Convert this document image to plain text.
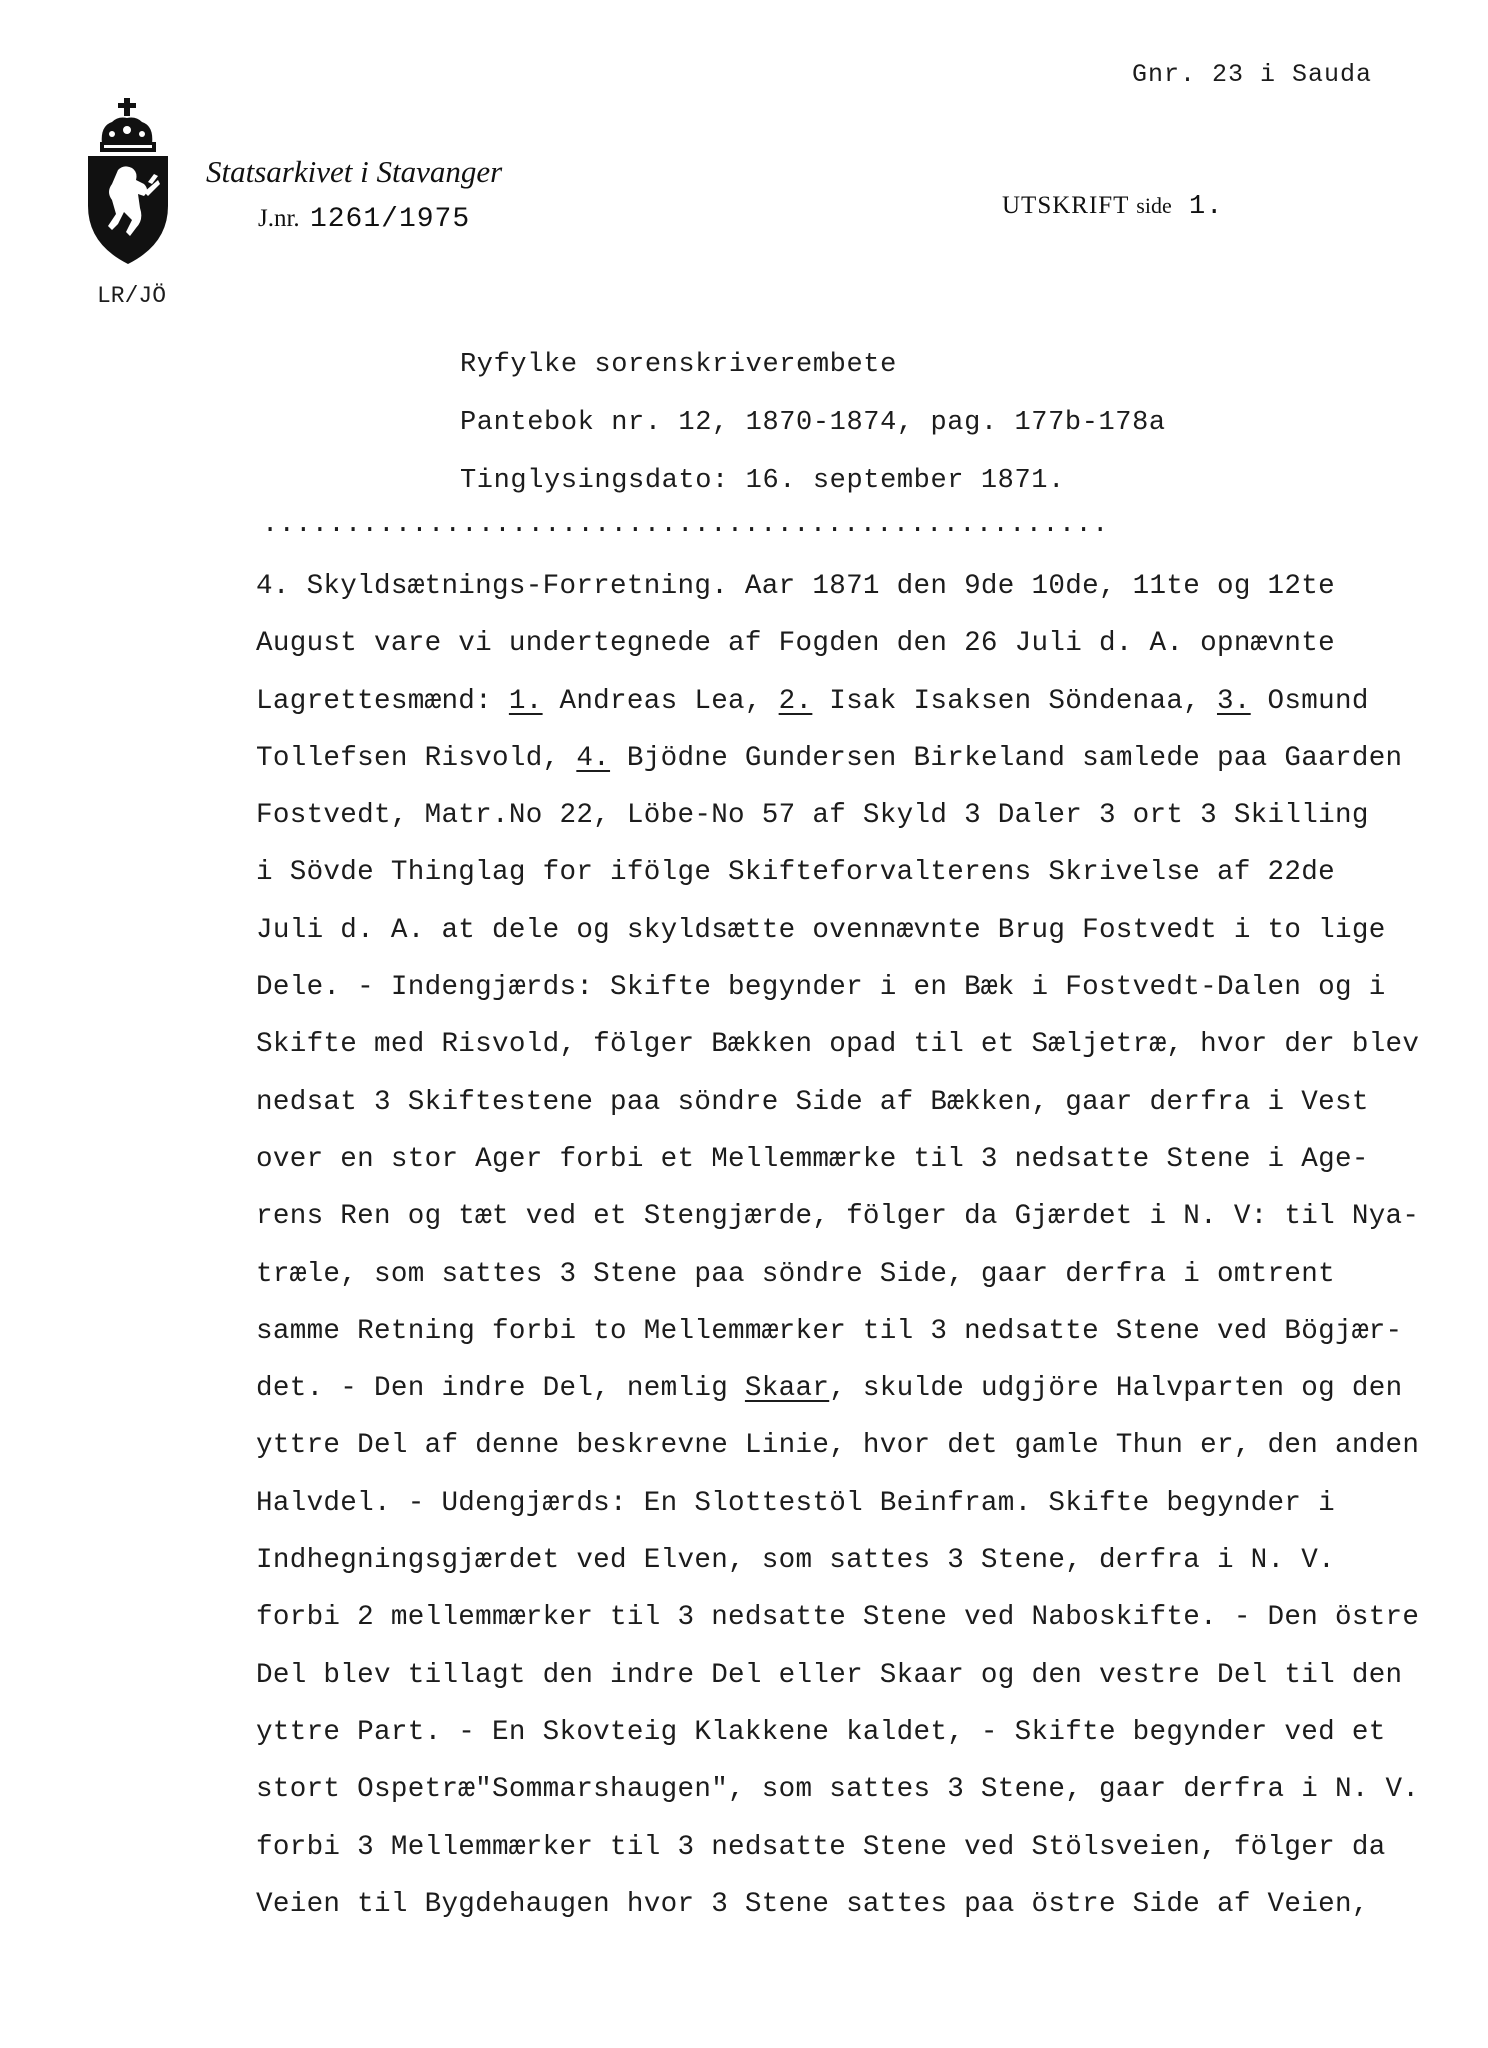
Gnr. 23 i Sauda
Statsarkivet i Stavanger
J.nr. 1261/1975	UTSKRIFT side 1.
LR/JÖ
Ryfylke sorenskriverembete
Pantebok nr. 12, 1870-1874, pag. 177b-178a
Tinglysingsdato: 16. september 1871.
...................................................
4. Skyldsætnings-Forretning. Aar 1871 den 9de 10de, 11te og 12te
August vare vi undertegnede af Fogden den 26 Juli d. A. opnævnte
Lagrettesmænd: 1. Andreas Lea, 2. Isak Isaksen Söndenaa, 3. Osmund
Tollefsen Risvold, 4. Bjödne Gundersen Birkeland samlede paa Gaarden
Fostvedt, Matr.No 22, Löbe-No 57 af Skyld 3 Daler 3 ort 3 Skilling
i Sövde Thinglag for ifölge Skifteforvalterens Skrivelse af 22de
Juli d. A. at dele og skyldsætte ovennævnte Brug Fostvedt i to lige
Dele. - Indengjærds: Skifte begynder i en Bæk i Fostvedt-Dalen og i
Skifte med Risvold, fölger Bækken opad til et Sæljetræ, hvor der blev
nedsat 3 Skiftestene paa söndre Side af Bækken, gaar derfra i Vest
over en stor Ager forbi et Mellemmærke til 3 nedsatte Stene i Age-
rens Ren og tæt ved et Stengjærde, fölger da Gjærdet i N. V: til Nya-
træle, som sattes 3 Stene paa söndre Side, gaar derfra i omtrent
samme Retning forbi to Mellemmærker til 3 nedsatte Stene ved Bögjær-
det. - Den indre Del, nemlig Skaar, skulde udgjöre Halvparten og den
yttre Del af denne beskrevne Linie, hvor det gamle Thun er, den anden
Halvdel. - Udengjærds: En Slottestöl Beinfram. Skifte begynder i
Indhegningsgjærdet ved Elven, som sattes 3 Stene, derfra i N. V.
forbi 2 mellemmærker til 3 nedsatte Stene ved Naboskifte. - Den östre
Del blev tillagt den indre Del eller Skaar og den vestre Del til den
yttre Part. - En Skovteig Klakkene kaldet, - Skifte begynder ved et
stort Ospetræ"Sommarshaugen", som sattes 3 Stene, gaar derfra i N. V.
forbi 3 Mellemmærker til 3 nedsatte Stene ved Stölsveien, fölger da
Veien til Bygdehaugen hvor 3 Stene sattes paa östre Side af Veien,
